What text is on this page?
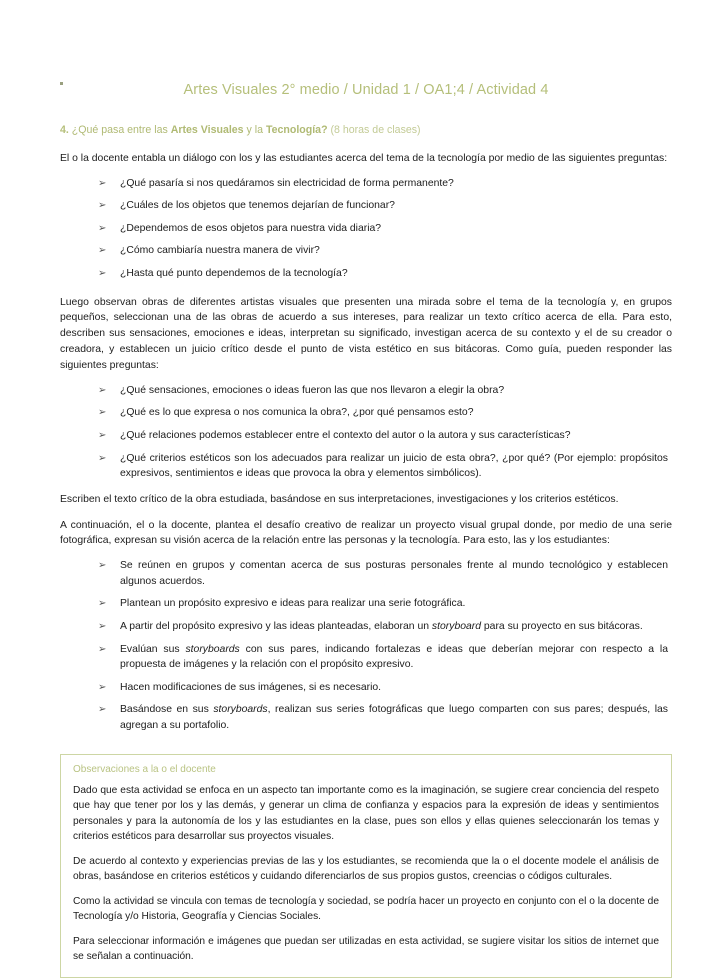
Artes Visuales 2° medio / Unidad 1 / OA1;4 / Actividad 4
4. ¿Qué pasa entre las Artes Visuales y la Tecnología? (8 horas de clases)

El o la docente entabla un diálogo con los y las estudiantes acerca del tema de la tecnología por medio de las siguientes preguntas:

➢ ¿Qué pasaría si nos quedáramos sin electricidad de forma permanente?
➢ ¿Cuáles de los objetos que tenemos dejarían de funcionar?
➢ ¿Dependemos de esos objetos para nuestra vida diaria?
➢ ¿Cómo cambiaría nuestra manera de vivir?
➢ ¿Hasta qué punto dependemos de la tecnología?

Luego observan obras de diferentes artistas visuales que presenten una mirada sobre el tema de la tecnología y, en grupos pequeños, seleccionan una de las obras de acuerdo a sus intereses, para realizar un texto crítico acerca de ella. Para esto, describen sus sensaciones, emociones e ideas, interpretan su significado, investigan acerca de su contexto y el de su creador o creadora, y establecen un juicio crítico desde el punto de vista estético en sus bitácoras. Como guía, pueden responder las siguientes preguntas:

➢ ¿Qué sensaciones, emociones o ideas fueron las que nos llevaron a elegir la obra?
➢ ¿Qué es lo que expresa o nos comunica la obra?, ¿por qué pensamos esto?
➢ ¿Qué relaciones podemos establecer entre el contexto del autor o la autora y sus características?
➢ ¿Qué criterios estéticos son los adecuados para realizar un juicio de esta obra?, ¿por qué? (Por ejemplo: propósitos expresivos, sentimientos e ideas que provoca la obra y elementos simbólicos).

Escriben el texto crítico de la obra estudiada, basándose en sus interpretaciones, investigaciones y los criterios estéticos.

A continuación, el o la docente, plantea el desafío creativo de realizar un proyecto visual grupal donde, por medio de una serie fotográfica, expresan su visión acerca de la relación entre las personas y la tecnología. Para esto, las y los estudiantes:

➢ Se reúnen en grupos y comentan acerca de sus posturas personales frente al mundo tecnológico y establecen algunos acuerdos.
➢ Plantean un propósito expresivo e ideas para realizar una serie fotográfica.
➢ A partir del propósito expresivo y las ideas planteadas, elaboran un storyboard para su proyecto en sus bitácoras.
➢ Evalúan sus storyboards con sus pares, indicando fortalezas e ideas que deberían mejorar con respecto a la propuesta de imágenes y la relación con el propósito expresivo.
➢ Hacen modificaciones de sus imágenes, si es necesario.
➢ Basándose en sus storyboards, realizan sus series fotográficas que luego comparten con sus pares; después, las agregan a su portafolio.
Observaciones a la o el docente

Dado que esta actividad se enfoca en un aspecto tan importante como es la imaginación, se sugiere crear conciencia del respeto que hay que tener por los y las demás, y generar un clima de confianza y espacios para la expresión de ideas y sentimientos personales y para la autonomía de los y las estudiantes en la clase, pues son ellos y ellas quienes seleccionarán los temas y criterios estéticos para desarrollar sus proyectos visuales.

De acuerdo al contexto y experiencias previas de las y los estudiantes, se recomienda que la o el docente modele el análisis de obras, basándose en criterios estéticos y cuidando diferenciarlos de sus propios gustos, creencias o códigos culturales.

Como la actividad se vincula con temas de tecnología y sociedad, se podría hacer un proyecto en conjunto con el o la docente de Tecnología y/o Historia, Geografía y Ciencias Sociales.

Para seleccionar información e imágenes que puedan ser utilizadas en esta actividad, se sugiere visitar los sitios de internet que se señalan a continuación.
